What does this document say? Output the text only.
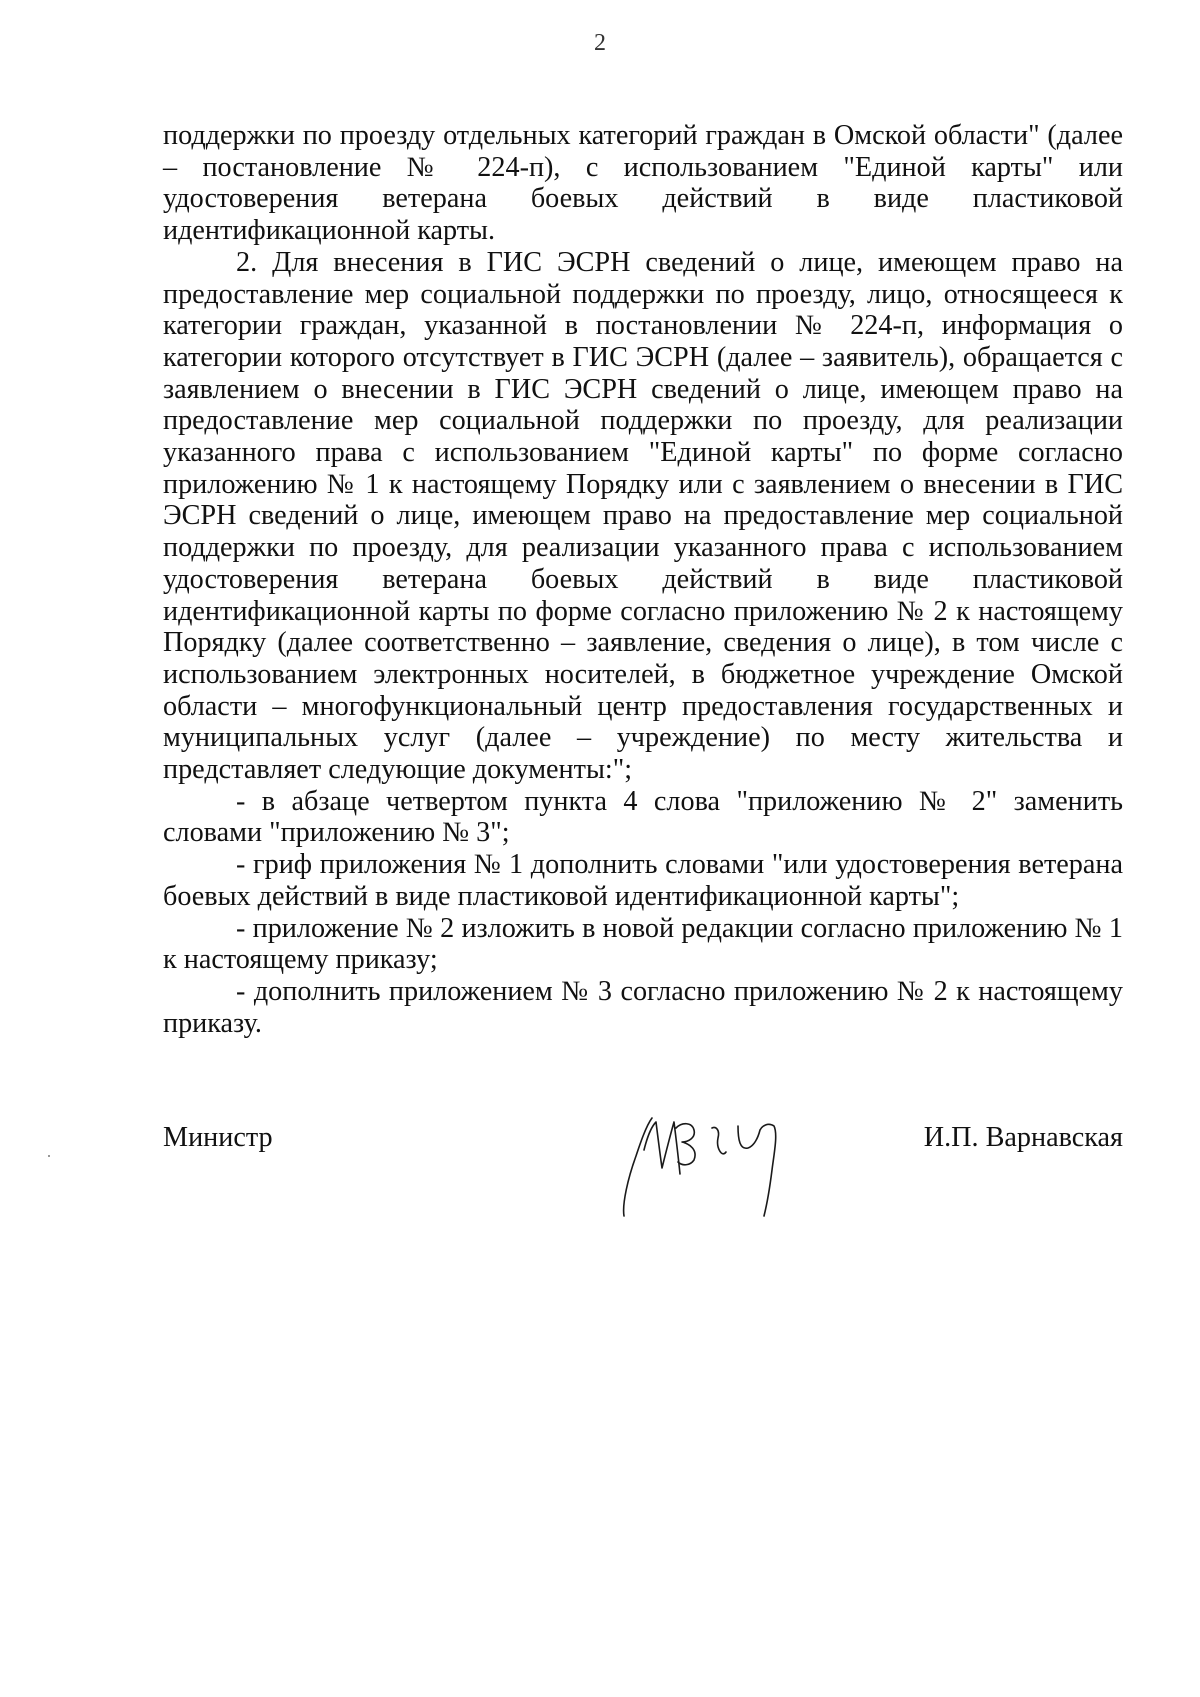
2

поддержки по проезду отдельных категорий граждан в Омской области" (далее – постановление № 224-п), с использованием "Единой карты" или удостоверения ветерана боевых действий в виде пластиковой идентификационной карты.

2. Для внесения в ГИС ЭСРН сведений о лице, имеющем право на предоставление мер социальной поддержки по проезду, лицо, относящееся к категории граждан, указанной в постановлении № 224-п, информация о категории которого отсутствует в ГИС ЭСРН (далее – заявитель), обращается с заявлением о внесении в ГИС ЭСРН сведений о лице, имеющем право на предоставление мер социальной поддержки по проезду, для реализации указанного права с использованием "Единой карты" по форме согласно приложению № 1 к настоящему Порядку или с заявлением о внесении в ГИС ЭСРН сведений о лице, имеющем право на предоставление мер социальной поддержки по проезду, для реализации указанного права с использованием удостоверения ветерана боевых действий в виде пластиковой идентификационной карты по форме согласно приложению № 2 к настоящему Порядку (далее соответственно – заявление, сведения о лице), в том числе с использованием электронных носителей, в бюджетное учреждение Омской области – многофункциональный центр предоставления государственных и муниципальных услуг (далее – учреждение) по месту жительства и представляет следующие документы:";

- в абзаце четвертом пункта 4 слова "приложению № 2" заменить словами "приложению № 3";

- гриф приложения № 1 дополнить словами "или удостоверения ветерана боевых действий в виде пластиковой идентификационной карты";

- приложение № 2 изложить в новой редакции согласно приложению № 1 к настоящему приказу;

- дополнить приложением № 3 согласно приложению № 2 к настоящему приказу.

Министр	И.П. Варнавская
